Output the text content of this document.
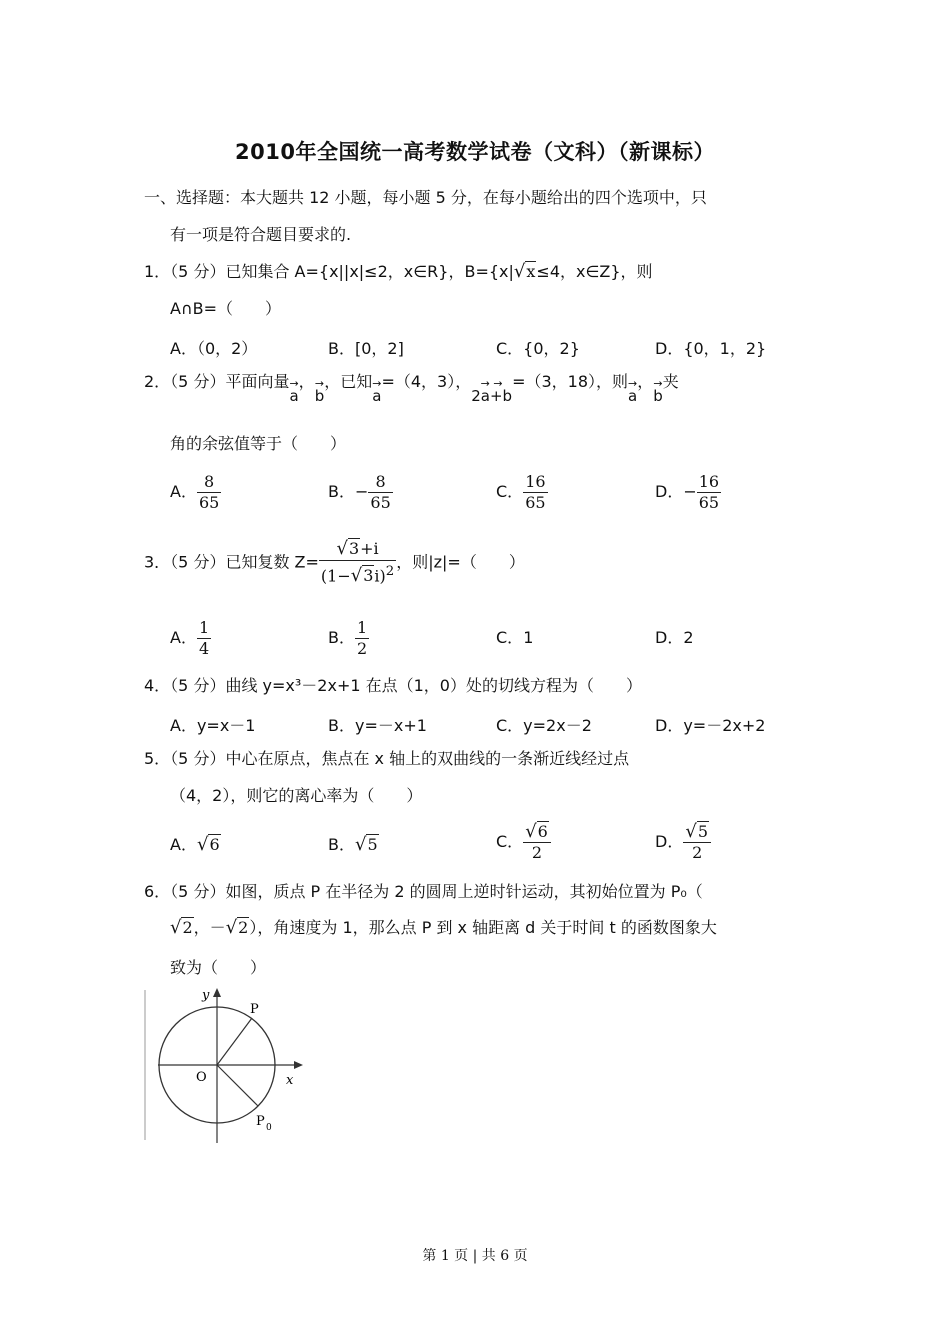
2010年全国统一高考数学试卷（文科）（新课标）
一、选择题：本大题共 12 小题，每小题 5 分，在每小题给出的四个选项中，只
有一项是符合题目要求的.
1．（5 分）已知集合 A={x||x|≤2，x∈R}，B={x|√x≤4，x∈Z}，则
A∩B=（　　）
A．（0，2）	B．[0，2]	C．{0，2}	D．{0，1，2}
2．（5 分）平面向量 →
a， →
b，已知 →
a=（4，3）， → →
2a+b=（3，18），则 →
a， →
b夹
角的余弦值等于（　　）
A． $\frac{8}{65}$	B．− $\frac{8}{65}$	C． $\frac{16}{65}$	D．− $\frac{16}{65}$
3．（5 分）已知复数 $Z= \frac{√3+i}{(1-√3i)^2}$ ，则|z|=（　　）
A． $\frac{1}{4}$	B． $\frac{1}{2}$	C．1	D．2
4．（5 分）曲线 y=x³－2x+1 在点（1，0）处的切线方程为（　　）
A．y=x－1	B．y=－x+1	C．y=2x－2	D．y=－2x+2
5．（5 分）中心在原点，焦点在 x 轴上的双曲线的一条渐近线经过点
（4，2），则它的离心率为（　　）
A．√6	B．√5	C． $\frac{√6}{2}$	D． $\frac{√5}{2}$
6．（5 分）如图，质点 P 在半径为 2 的圆周上逆时针运动，其初始位置为 P₀（
√2，－√2），角速度为 1，那么点 P 到 x 轴距离 d 关于时间 t 的函数图象大
致为（　　）
y
x
O
P
P 0
第 1 页 | 共 6 页
